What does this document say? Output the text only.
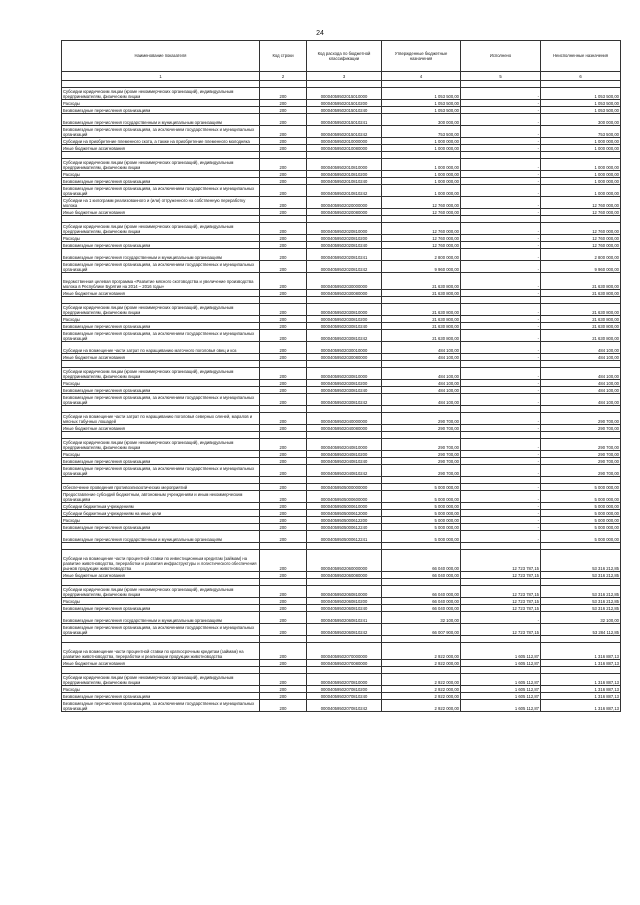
24
Наименование показателя	Код строки	Код расхода по бюджетной классификации	Утвержденные бюджетные назначения	Исполнено	Неисполненные назначения
1	2	3	4	5	6

Субсидии юридическим лицам (кроме некоммерческих организаций), индивидуальным предпринимателям, физическим лицам	200	00004059502015010000	1 053 500,00	-	1 053 500,00
Расходы	200	00004059502015010200	1 053 500,00	-	1 053 500,00
Безвозмездные перечисления организациям	200	00004059502015010240	1 053 500,00	-	1 053 500,00
Безвозмездные перечисления государственным и муниципальным организациям	200	00004059502015010241	300 000,00	-	300 000,00
Безвозмездные перечисления организациям, за исключением государственных и муниципальных организаций	200	00004059502015010242	753 500,00	-	753 500,00
Субсидии на приобретение племенного скота, а также на приобретение племенного молодняка	200	00004059502010000000	1 000 000,00	-	1 000 000,00
Иные бюджетные ассигнования	200	00004059502010080000	1 000 000,00	-	1 000 000,00

Субсидии юридическим лицам (кроме некоммерческих организаций), индивидуальным предпринимателям, физическим лицам	200	00004059502010810000	1 000 000,00	-	1 000 000,00
Расходы	200	00004059502010810200	1 000 000,00	-	1 000 000,00
Безвозмездные перечисления организациям	200	00004059502010810240	1 000 000,00	-	1 000 000,00
Безвозмездные перечисления организациям, за исключением государственных и муниципальных организаций	200	00004059502010810242	1 000 000,00	-	1 000 000,00
Субсидии на 1 килограмм реализованного и (или) отгруженного на собственную переработку молока	200	00004059502020000000	12 760 000,00	-	12 760 000,00
Иные бюджетные ассигнования	200	00004059502020080000	12 760 000,00	-	12 760 000,00

Субсидии юридическим лицам (кроме некоммерческих организаций), индивидуальным предпринимателям, физическим лицам	200	00004059502020810000	12 760 000,00	-	12 760 000,00
Расходы	200	00004059502020810200	12 760 000,00	-	12 760 000,00
Безвозмездные перечисления организациям	200	00004059502020810240	12 760 000,00	-	12 760 000,00
Безвозмездные перечисления государственным и муниципальным организациям	200	00004059502020810241	2 800 000,00	-	2 800 000,00
Безвозмездные перечисления организациям, за исключением государственных и муниципальных организаций	200	00004059502020810242	9 960 000,00	-	9 960 000,00
Ведомственная целевая программа «Развитие мясного скотоводства и увеличение производства молока в Республике Бурятия на 2014 – 2016 годы»	200	00004059502030000000	21 630 800,00	-	21 630 800,00
Иные бюджетные ассигнования	200	00004059502030080000	21 630 800,00	-	21 630 800,00

Субсидии юридическим лицам (кроме некоммерческих организаций), индивидуальным предпринимателям, физическим лицам	200	00004059502030810000	21 630 800,00	-	21 630 800,00
Расходы	200	00004059502030810200	21 630 800,00	-	21 630 800,00
Безвозмездные перечисления организациям	200	00004059502030810240	21 630 800,00	-	21 630 800,00
Безвозмездные перечисления организациям, за исключением государственных и муниципальных организаций	200	00004059502030810242	21 630 800,00	-	21 630 800,00
Субсидии на возмещение части затрат по наращиванию маточного поголовья овец и коз	200	00004059502030010000	484 100,00	-	484 100,00
Иные бюджетные ассигнования	200	00004059502030080000	484 100,00	-	484 100,00

Субсидии юридическим лицам (кроме некоммерческих организаций), индивидуальным предпринимателям, физическим лицам	200	00004059502030810000	484 100,00	-	484 100,00
Расходы	200	00004059502030810200	484 100,00	-	484 100,00
Безвозмездные перечисления организациям	200	00004059502030810240	484 100,00	-	484 100,00
Безвозмездные перечисления организациям, за исключением государственных и муниципальных организаций	200	00004059502030810242	484 100,00	-	484 100,00

Субсидии на возмещение части затрат по наращиванию поголовья северных оленей, маралов и мясных табунных лошадей	200	00004059502040000000	290 700,00	-	290 700,00
Иные бюджетные ассигнования	200	00004059502040080000	290 700,00	-	290 700,00

Субсидии юридическим лицам (кроме некоммерческих организаций), индивидуальным предпринимателям, физическим лицам	200	00004059502040810000	290 700,00	-	290 700,00
Расходы	200	00004059502040810200	290 700,00	-	290 700,00
Безвозмездные перечисления организациям	200	00004059502040810240	290 700,00	-	290 700,00
Безвозмездные перечисления организациям, за исключением государственных и муниципальных организаций	200	00004059502040810242	290 700,00	-	290 700,00

Обеспечение проведения противоэпизоотических мероприятий	200	00004059505000000000	5 000 000,00	-	5 000 000,00
Предоставление субсидий бюджетным, автономным учреждениям и иным некоммерческим организациям	200	00004059505000600000	5 000 000,00	-	5 000 000,00
Субсидии бюджетным учреждениям	200	00004059505000610000	5 000 000,00	-	5 000 000,00
Субсидии бюджетным учреждениям на иные цели	200	00004059505000612000	5 000 000,00	-	5 000 000,00
Расходы	200	00004059505000612200	5 000 000,00	-	5 000 000,00
Безвозмездные перечисления организациям	200	00004059505000612240	5 000 000,00	-	5 000 000,00
Безвозмездные перечисления государственным и муниципальным организациям	200	00004059505000612241	5 000 000,00	-	5 000 000,00

Субсидии на возмещение части процентной ставки по инвестиционным кредитам (займам) на развитие животноводства, переработки и развития инфраструктуры и логистического обеспечения рынков продукции животноводства	200	00004059502060000000	66 040 000,00	12 723 787,15	53 316 212,85
Иные бюджетные ассигнования	200	00004059502060080000	66 040 000,00	12 723 787,15	53 316 212,85

Субсидии юридическим лицам (кроме некоммерческих организаций), индивидуальным предпринимателям, физическим лицам	200	00004059502060810000	66 040 000,00	12 723 787,15	53 316 212,85
Расходы	200	00004059502060810200	66 040 000,00	12 723 787,15	53 316 212,85
Безвозмездные перечисления организациям	200	00004059502060810240	66 040 000,00	12 723 787,15	53 316 212,85
Безвозмездные перечисления государственным и муниципальным организациям	200	00004059502060810241	32 100,00	-	32 100,00
Безвозмездные перечисления организациям, за исключением государственных и муниципальных организаций	200	00004059502060810242	66 007 900,00	12 723 787,15	53 284 112,85

Субсидии на возмещение части процентной ставки по краткосрочным кредитам (займам) на развитие животноводства, переработки и реализации продукции животноводства	200	00004059502070000000	2 922 000,00	1 605 112,87	1 316 887,13
Иные бюджетные ассигнования	200	00004059502070080000	2 922 000,00	1 605 112,87	1 316 887,13

Субсидии юридическим лицам (кроме некоммерческих организаций), индивидуальным предпринимателям, физическим лицам	200	00004059502070810000	2 922 000,00	1 605 112,87	1 316 887,13
Расходы	200	00004059502070810200	2 922 000,00	1 605 112,87	1 316 887,13
Безвозмездные перечисления организациям	200	00004059502070810240	2 922 000,00	1 605 112,87	1 316 887,13
Безвозмездные перечисления организациям, за исключением государственных и муниципальных организаций	200	00004059502070810242	2 922 000,00	1 605 112,87	1 316 887,13
